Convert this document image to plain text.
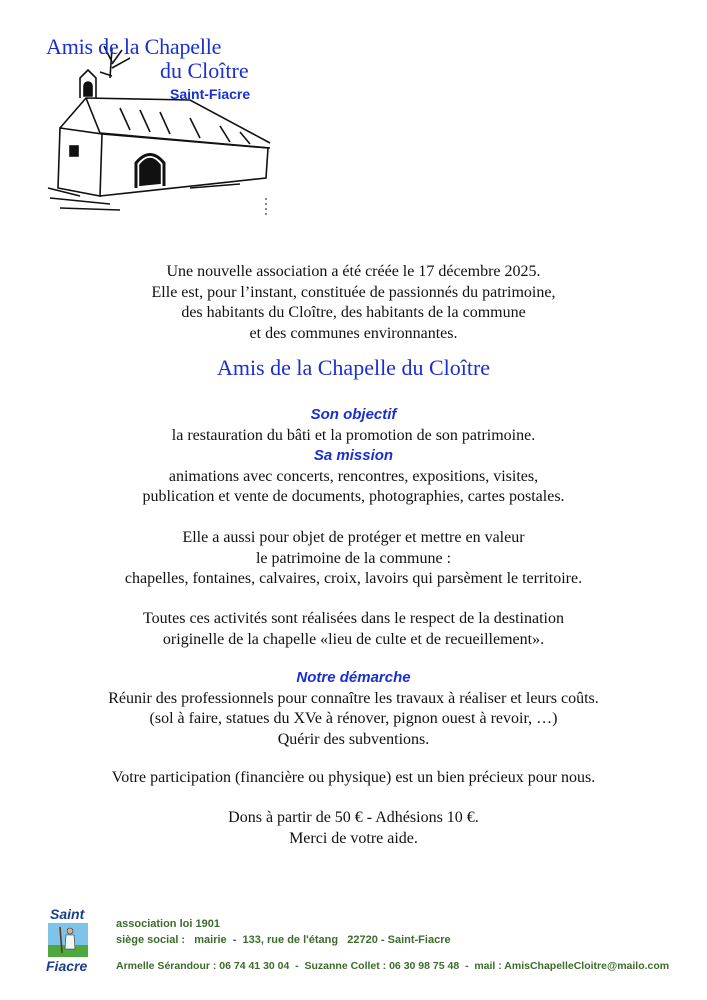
Amis de la Chapelle
du Cloître
Saint-Fiacre
Une nouvelle association a été créée le 17 décembre 2025.
Elle est, pour l’instant, constituée de passionnés du patrimoine,
des habitants du Cloître, des habitants de la commune
et des communes environnantes.
Amis de la Chapelle du Cloître
Son objectif
la restauration du bâti et la promotion de son patrimoine.
Sa mission
animations avec concerts, rencontres, expositions, visites,
publication et vente de documents, photographies, cartes postales.
Elle a aussi pour objet de protéger et mettre en valeur
le patrimoine de la commune :
chapelles, fontaines, calvaires, croix, lavoirs qui parsèment le territoire.
Toutes ces activités sont réalisées dans le respect de la destination
originelle de la chapelle «lieu de culte et de recueillement».
Notre démarche
Réunir des professionnels pour connaître les travaux à réaliser et leurs coûts.
(sol à faire, statues du XVe à rénover, pignon ouest à revoir, …)
Quérir des subventions.
Votre participation (financière ou physique) est un bien précieux pour nous.
Dons à partir de 50 € - Adhésions 10 €.
Merci de votre aide.
Saint
Fiacre
association loi 1901
siège social :   mairie  -  133, rue de l'étang   22720 - Saint-Fiacre
Armelle Sérandour : 06 74 41 30 04  -  Suzanne Collet : 06 30 98 75 48  -  mail : AmisChapelleCloitre@mailo.com
